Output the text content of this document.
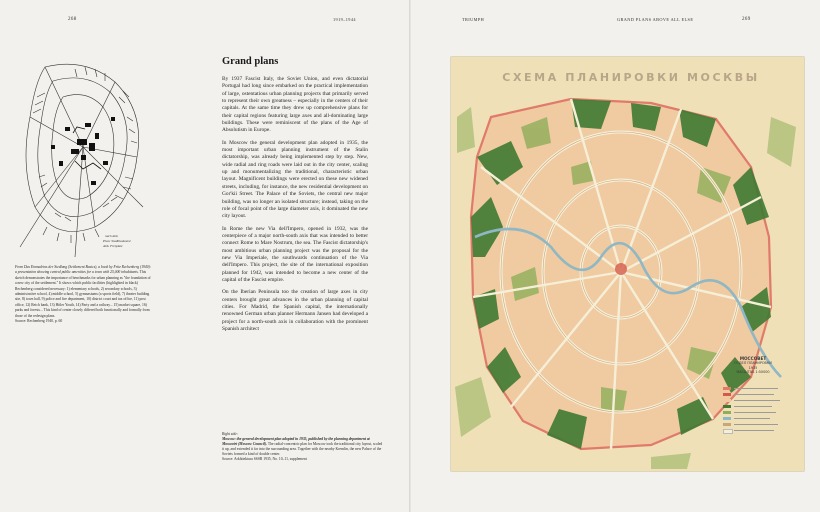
268	1919–1944	TRIUMPH	GRAND PLANS ABOVE ALL ELSE	269
nach dem
Plan: Stadtbaukunst
Abb. Freiplatz
From Das Einmaleins der Siedlung (Settlement Basics), a book by Fritz Rechenberg (1940): a presentation showing central public amenities for a town with 25,000 inhabitants. This sketch demonstrates the importance of benchmarks for urban planning as "the foundation of a new city of the settlement." It shows which public facilities (highlighted in black) Rechenberg considered necessary: 1) elementary schools, 2) secondary schools, 3) administrative school, 4) middle school, 5) gymnasiums (a sports field), 7) theater building site, 8) town hall, 9) police and fire department, 10) district court and tax office, 11) post office, 12) Reich bank, 13) Hitler Youth, 14) Party and a railway... 15) market square, 16) parks and forests... This kind of center closely differed both functionally and formally from those of the redesign plans.
Source: Rechenberg 1940, p. 60
Grand plans

By 1937 Fascist Italy, the Soviet Union, and even dictatorial Portugal had long since embarked on the practical implementation of large, ostentatious urban planning projects that primarily served to represent their own greatness – especially in the centers of their capitals. At the same time they drew up comprehensive plans for their capital regions featuring large axes and all-dominating large buildings. These were reminiscent of the plans of the Age of Absolutism in Europe.

In Moscow the general development plan adopted in 1935, the most important urban planning instrument of the Stalin dictatorship, was already being implemented step by step. New, wide radial and ring roads were laid out in the city center, scaling up and monumentalizing the traditional, characteristic urban layout. Magnificent buildings were erected on these new widened streets, including, for instance, the new residential development on Gor'kii Street. The Palace of the Soviets, the central new major building, was no longer an isolated structure; instead, taking on the role of focal point of the large diameter axis, it dominated the new city layout.

In Rome the new Via dell'Impero, opened in 1932, was the centerpiece of a major north-south axis that was intended to better connect Rome to Mare Nostrum, the sea. The Fascist dictatorship's most ambitious urban planning project was the proposal for the new Via Imperiale, the southwards continuation of the Via dell'Impero. This project, the site of the international exposition planned for 1942, was intended to become a new center of the capital of the Fascist empire.

On the Iberian Peninsula too the creation of large axes in city centers brought great advances in the urban planning of capital cities. For Madrid, the Spanish capital, the internationally renowned German urban planner Hermann Jansen had developed a project for a north-south axis in collaboration with the prominent Spanish architect

Right side:
Moscow: the general development plan adopted in 1935, published by the planning department at Mossoviet (Moscow Council). The radial-concentric plan for Moscow took the traditional city layout, scaled it up, and extended it far into the surrounding area. Together with the nearby Kremlin, the new Palace of the Soviets formed a kind of double center.
Source: Arkhitektura SSSR 1935, No. 10–11, supplement
СХЕМА ПЛАНИРОВКИ МОСКВЫ
МОССОВЕТ
ОТДЕЛ ПЛАНИРОВКИ
1935
МАСШТАБ 1:50000
